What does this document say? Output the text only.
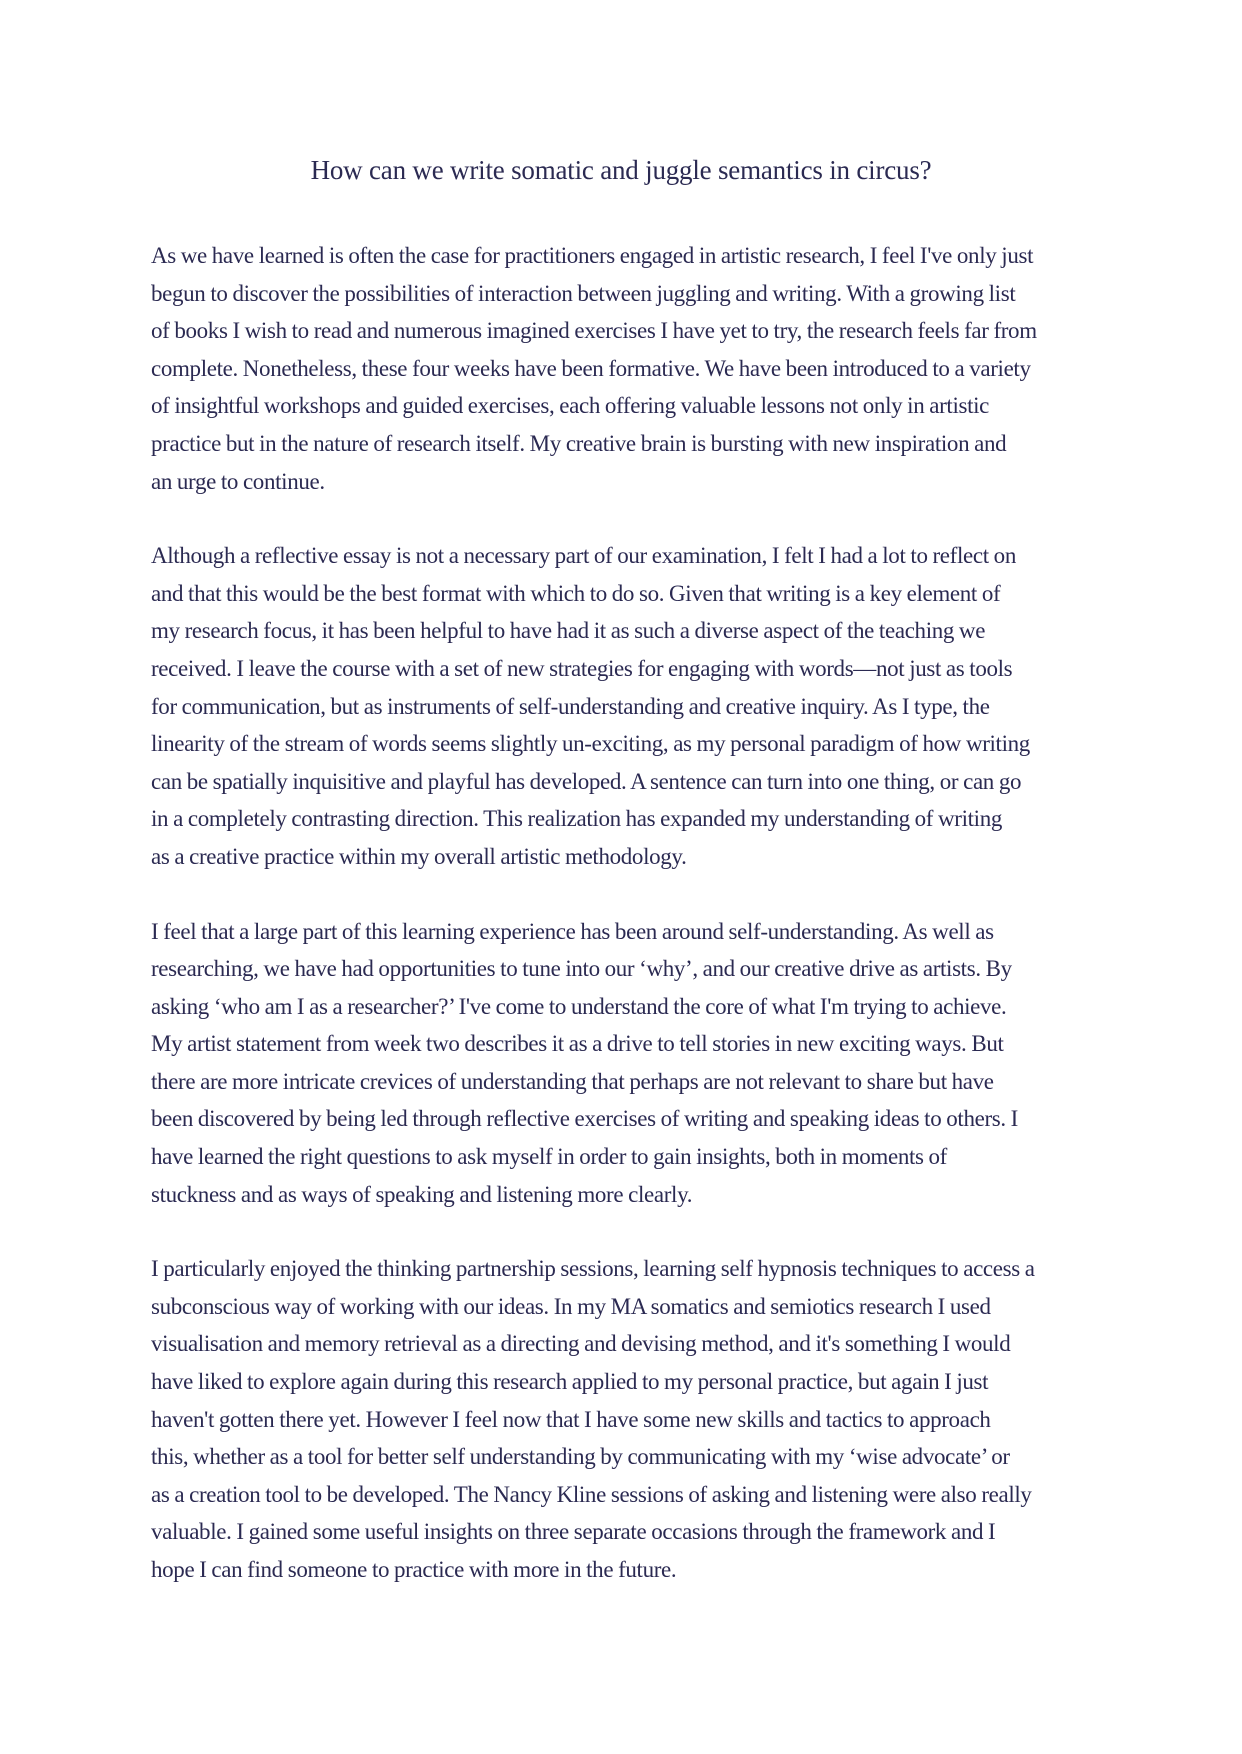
How can we write somatic and juggle semantics in circus?
As we have learned is often the case for practitioners engaged in artistic research, I feel I've only just
begun to discover the possibilities of interaction between juggling and writing. With a growing list
of books I wish to read and numerous imagined exercises I have yet to try, the research feels far from
complete. Nonetheless, these four weeks have been formative. We have been introduced to a variety
of insightful workshops and guided exercises, each offering valuable lessons not only in artistic
practice but in the nature of research itself. My creative brain is bursting with new inspiration and
an urge to continue.
Although a reflective essay is not a necessary part of our examination, I felt I had a lot to reflect on
and that this would be the best format with which to do so. Given that writing is a key element of
my research focus, it has been helpful to have had it as such a diverse aspect of the teaching we
received. I leave the course with a set of new strategies for engaging with words—not just as tools
for communication, but as instruments of self-understanding and creative inquiry. As I type, the
linearity of the stream of words seems slightly un-exciting, as my personal paradigm of how writing
can be spatially inquisitive and playful has developed. A sentence can turn into one thing, or can go
in a completely contrasting direction. This realization has expanded my understanding of writing
as a creative practice within my overall artistic methodology.
I feel that a large part of this learning experience has been around self-understanding. As well as
researching, we have had opportunities to tune into our ‘why’, and our creative drive as artists. By
asking ‘who am I as a researcher?’ I've come to understand the core of what I'm trying to achieve.
My artist statement from week two describes it as a drive to tell stories in new exciting ways. But
there are more intricate crevices of understanding that perhaps are not relevant to share but have
been discovered by being led through reflective exercises of writing and speaking ideas to others. I
have learned the right questions to ask myself in order to gain insights, both in moments of
stuckness and as ways of speaking and listening more clearly.
I particularly enjoyed the thinking partnership sessions, learning self hypnosis techniques to access a
subconscious way of working with our ideas. In my MA somatics and semiotics research I used
visualisation and memory retrieval as a directing and devising method, and it's something I would
have liked to explore again during this research applied to my personal practice, but again I just
haven't gotten there yet. However I feel now that I have some new skills and tactics to approach
this, whether as a tool for better self understanding by communicating with my ‘wise advocate’ or
as a creation tool to be developed. The Nancy Kline sessions of asking and listening were also really
valuable. I gained some useful insights on three separate occasions through the framework and I
hope I can find someone to practice with more in the future.
